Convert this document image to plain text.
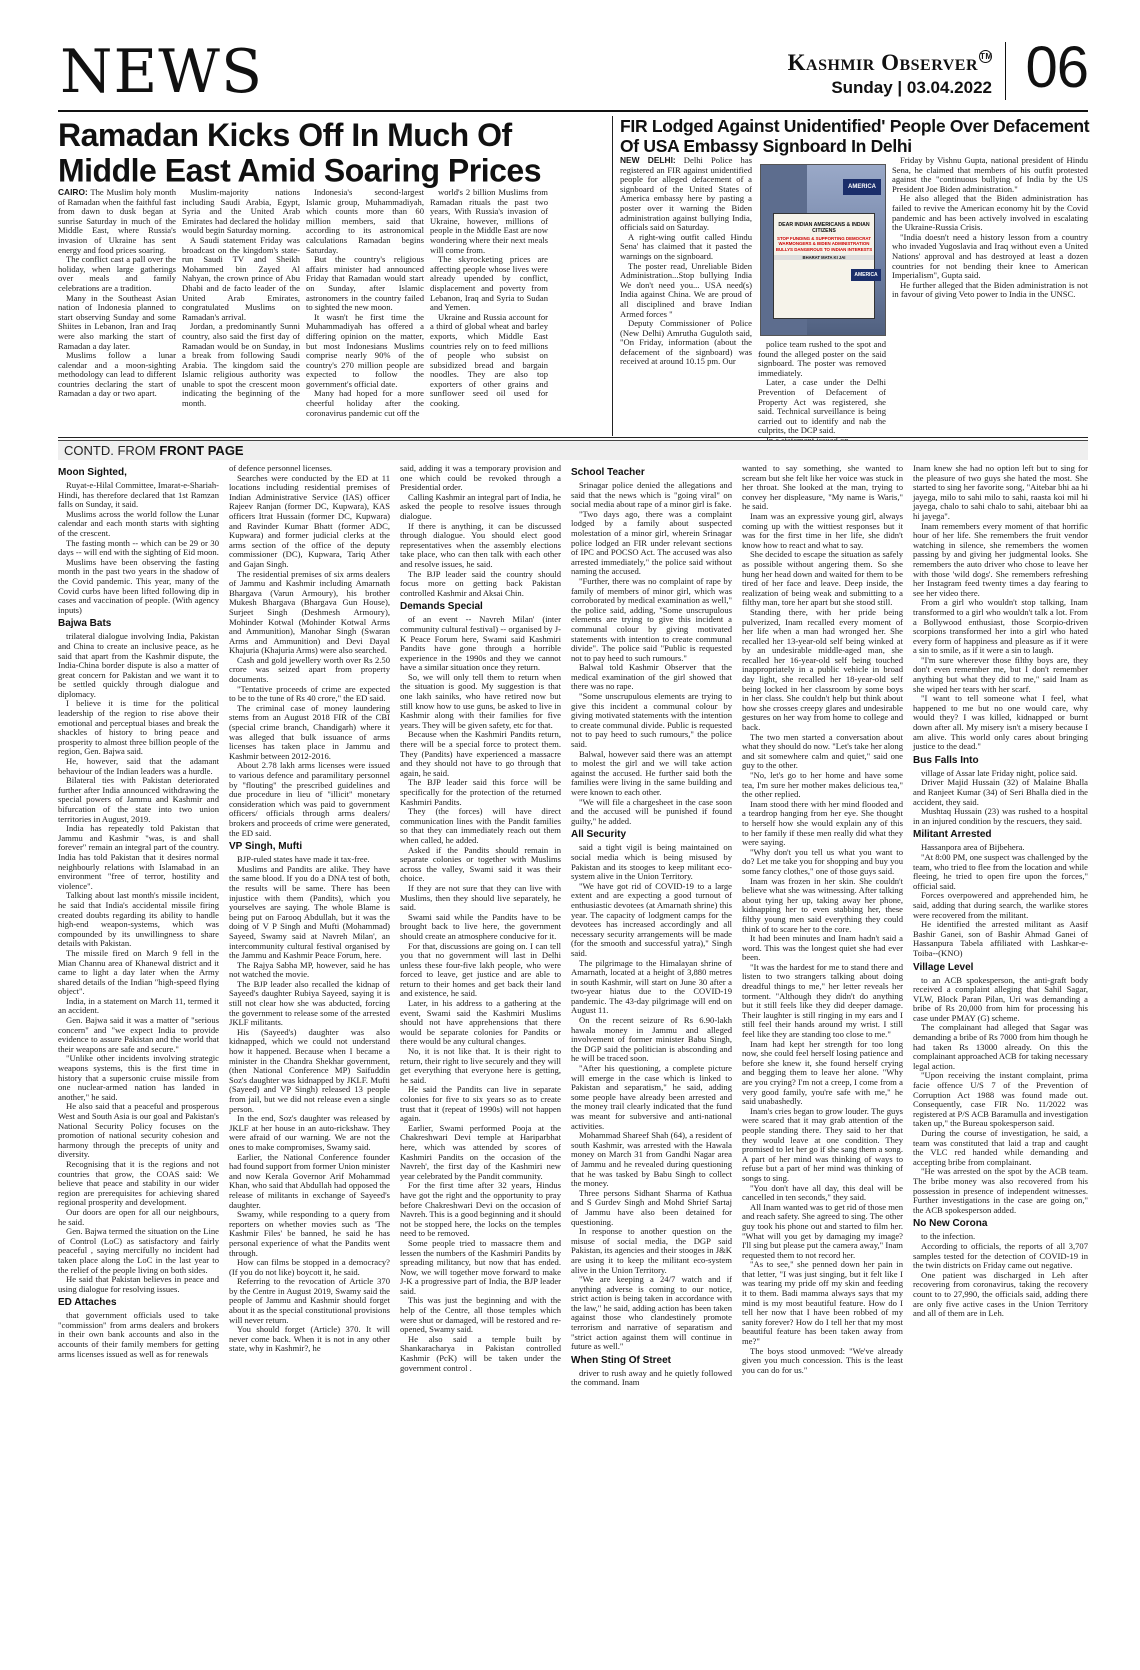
NEWS	Kashmir Observer TM
Sunday | 03.04.2022 06
Ramadan Kicks Off In Much Of Middle East Amid Soaring Prices

CAIRO: The Muslim holy month of Ramadan when the faithful fast from dawn to dusk began at sunrise Saturday in much of the Middle East, where Russia's invasion of Ukraine has sent energy and food prices soaring.

The conflict cast a pall over the holiday, when large gatherings over meals and family celebrations are a tradition.

Many in the Southeast Asian nation of Indonesia planned to start observing Sunday and some Shiites in Lebanon, Iran and Iraq were also marking the start of Ramadan a day later.

Muslims follow a lunar calendar and a moon-sighting methodology can lead to different countries declaring the start of Ramadan a day or two apart.

Muslim-majority nations including Saudi Arabia, Egypt, Syria and the United Arab Emirates had declared the holiday would begin Saturday morning.

A Saudi statement Friday was broadcast on the kingdom's state-run Saudi TV and Sheikh Mohammed bin Zayed Al Nahyan, the crown prince of Abu Dhabi and de facto leader of the United Arab Emirates, congratulated Muslims on Ramadan's arrival.

Jordan, a predominantly Sunni country, also said the first day of Ramadan would be on Sunday, in a break from following Saudi Arabia. The kingdom said the Islamic religious authority was unable to spot the crescent moon indicating the beginning of the month.

Indonesia's second-largest Islamic group, Muhammadiyah, which counts more than 60 million members, said that according to its astronomical calculations Ramadan begins Saturday.

But the country's religious affairs minister had announced Friday that Ramadan would start on Sunday, after Islamic astronomers in the country failed to sighted the new moon.

It wasn't he first time the Muhammadiyah has offered a differing opinion on the matter, but most Indonesians Muslims comprise nearly 90% of the country's 270 million people are expected to follow the government's official date.

Many had hoped for a more cheerful holiday after the coronavirus pandemic cut off the

world's 2 billion Muslims from Ramadan rituals the past two years, With Russia's invasion of Ukraine, however, millions of people in the Middle East are now wondering where their next meals will come from.

The skyrocketing prices are affecting people whose lives were already upended by conflict, displacement and poverty from Lebanon, Iraq and Syria to Sudan and Yemen.

Ukraine and Russia account for a third of global wheat and barley exports, which Middle East countries rely on to feed millions of people who subsist on subsidized bread and bargain noodles. They are also top exporters of other grains and sunflower seed oil used for cooking.

FIR Lodged Against Unidentified' People Over Defacement Of USA Embassy Signboard In Delhi

NEW DELHI: Delhi Police has registered an FIR against unidentified people for alleged defacement of a signboard of the United States of America embassy here by pasting a poster over it warning the Biden administration against bullying India, officials said on Saturday.

A right-wing outfit called Hindu Sena' has claimed that it pasted the warnings on the signboard.

The poster read, Unreliable Biden Administration...Stop bullying India We don't need you... USA need(s) India against China. We are proud of all disciplined and brave Indian Armed forces "

Deputy Commissioner of Police (New Delhi) Amrutha Guguloth said, "On Friday, information (about the defacement of the signboard) was received at around 10.15 pm. Our

AMERICA
DEAR INDIAN AMERICANS & INDIAN CITIZENS
STOP FUNDING & SUPPORTING DEMOCRAT WARMONGERS & BIDEN ADMINISTRATION BULLYS DANGEROUS TO INDIAN INTERESTS
BHARAT MATA KI JAI
AMERICA

police team rushed to the spot and found the alleged poster on the said signboard. The poster was removed immediately.

Later, a case under the Delhi Prevention of Defacement of Property Act was registered, she said. Technical surveillance is being carried out to identify and nab the culprits, the DCP said.

Friday by Vishnu Gupta, national president of Hindu Sena, he claimed that members of his outfit protested against the "continuous bullying of India by the US President Joe Biden administration."

He also alleged that the Biden administration has failed to revive the American economy hit by the Covid pandemic and has been actively involved in escalating the Ukraine-Russia Crisis.

"India doesn't need a history lesson from a country who invaded Yugoslavia and Iraq without even a United Nations' approval and has destroyed at least a dozen countries for not bending their knee to American Imperialism", Gupta said.

He further alleged that the Biden administration is not in favour of giving Veto power to India in the UNSC.

CONTD. FROM FRONT PAGE
Moon Sighted,

Ruyat-e-Hilal Committee, Imarat-e-Shariah-Hindi, has therefore declared that 1st Ramzan falls on Sunday, it said.

Muslims across the world follow the Lunar calendar and each month starts with sighting of the crescent.

The fasting month -- which can be 29 or 30 days -- will end with the sighting of Eid moon.

Muslims have been observing the fasting month in the past two years in the shadow of the Covid pandemic. This year, many of the Covid curbs have been lifted following dip in cases and vaccination of people. (With agency inputs)

Bajwa Bats

trilateral dialogue involving India, Pakistan and China to create an inclusive peace, as he said that apart from the Kashmir dispute, the India-China border dispute is also a matter of great concern for Pakistan and we want it to be settled quickly through dialogue and diplomacy.

I believe it is time for the political leadership of the region to rise above their emotional and perceptual biases and break the shackles of history to bring peace and prosperity to almost three billion people of the region, Gen. Bajwa said.

He, however, said that the adamant behaviour of the Indian leaders was a hurdle.

Bilateral ties with Pakistan deteriorated further after India announced withdrawing the special powers of Jammu and Kashmir and bifurcation of the state into two union territories in August, 2019.

India has repeatedly told Pakistan that Jammu and Kashmir "was, is and shall forever" remain an integral part of the country. India has told Pakistan that it desires normal neighbourly relations with Islamabad in an environment "free of terror, hostility and violence".

Talking about last month's missile incident, he said that India's accidental missile firing created doubts regarding its ability to handle high-end weapon-systems, which was compounded by its unwillingness to share details with Pakistan.

The missile fired on March 9 fell in the Mian Channu area of Khanewal district and it came to light a day later when the Army shared details of the Indian "high-speed flying object".

India, in a statement on March 11, termed it an accident.

Gen. Bajwa said it was a matter of "serious concern" and "we expect India to provide evidence to assure Pakistan and the world that their weapons are safe and secure."

"Unlike other incidents involving strategic weapons systems, this is the first time in history that a supersonic cruise missile from one nuclear-armed nation has landed in another," he said.

He also said that a peaceful and prosperous West and South Asia is our goal and Pakistan's National Security Policy focuses on the promotion of national security cohesion and harmony through the precepts of unity and diversity.

Recognising that it is the regions and not countries that grow, the COAS said: We believe that peace and stability in our wider region are prerequisites for achieving shared regional prosperity and development.

Our doors are open for all our neighbours, he said.

Gen. Bajwa termed the situation on the Line of Control (LoC) as satisfactory and fairly peaceful , saying mercifully no incident had taken place along the LoC in the last year to the relief of the people living on both sides.

He said that Pakistan believes in peace and using dialogue for resolving issues.

ED Attaches

that government officials used to take "commission" from arms dealers and brokers in their own bank accounts and also in the accounts of their family members for getting arms licenses issued as well as for renewals

of defence personnel licenses.

Searches were conducted by the ED at 11 locations including residential premises of Indian Administrative Service (IAS) officer Rajeev Ranjan (former DC, Kupwara), KAS officers Itrat Hussain (former DC, Kupwara) and Ravinder Kumar Bhatt (former ADC, Kupwara) and former judicial clerks at the arms section of the office of the deputy commissioner (DC), Kupwara, Tariq Ather and Gajan Singh.

The residential premises of six arms dealers of Jammu and Kashmir including Amarnath Bhargava (Varun Armoury), his brother Mukesh Bhargava (Bhargava Gun House), Surjeet Singh (Deshmesh Armoury), Mohinder Kotwal (Mohinder Kotwal Arms and Ammunition), Manohar Singh (Swaran Arms and Ammunition) and Devi Dayal Khajuria (Khajuria Arms) were also searched.

Cash and gold jewellery worth over Rs 2.50 crore was seized apart from property documents.

"Tentative proceeds of crime are expected to be to the tune of Rs 40 crore," the ED said.

The criminal case of money laundering stems from an August 2018 FIR of the CBI (special crime branch, Chandigarh) where it was alleged that bulk issuance of arms licenses has taken place in Jammu and Kashmir between 2012-2016.

About 2.78 lakh arms licenses were issued to various defence and paramilitary personnel by "flouting" the prescribed guidelines and due procedure in lieu of "illicit" monetary consideration which was paid to government officers/ officials through arms dealers/ brokers and proceeds of crime were generated, the ED said.

VP Singh, Mufti

BJP-ruled states have made it tax-free.

Muslims and Pandits are alike. They have the same blood. If you do a DNA test of both, the results will be same. There has been injustice with them (Pandits), which you yourselves are saying. The whole Blame is being put on Farooq Abdullah, but it was the doing of V P Singh and Mufti (Mohammad) Sayeed, Swamy said at Navreh Milan', an intercommunity cultural festival organised by the Jammu and Kashmir Peace Forum, here.

The Rajya Sabha MP, however, said he has not watched the movie.

The BJP leader also recalled the kidnap of Sayeed's daughter Rubiya Sayeed, saying it is still not clear how she was abducted, forcing the government to release some of the arrested JKLF militants.

His (Sayeed's) daughter was also kidnapped, which we could not understand how it happened. Because when I became a minister in the Chandra Shekhar government, (then National Conference MP) Saifuddin Soz's daughter was kidnapped by JKLF. Mufti (Sayeed) and VP Singh) released 13 people from jail, but we did not release even a single person.

In the end, Soz's daughter was released by JKLF at her house in an auto-rickshaw. They were afraid of our warning. We are not the ones to make compromises, Swamy said.

Earlier, the National Conference founder had found support from former Union minister and now Kerala Governor Arif Mohammad Khan, who said that Abdullah had opposed the release of militants in exchange of Sayeed's daughter.

Swamy, while responding to a query from reporters on whether movies such as 'The Kashmir Files' be banned, he said he has personal experience of what the Pandits went through.

How can films be stopped in a democracy? (If you do not like) boycott it, he said.

Referring to the revocation of Article 370 by the Centre in August 2019, Swamy said the people of Jammu and Kashmir should forget about it as the special constitutional provisions will never return.

You should forget (Article) 370. It will never come back. When it is not in any other state, why in Kashmir?, he

said, adding it was a temporary provision and one which could be revoked through a Presidential order.

Calling Kashmir an integral part of India, he asked the people to resolve issues through dialogue.

If there is anything, it can be discussed through dialogue. You should elect good representatives when the assembly elections take place, who can then talk with each other and resolve issues, he said.

The BJP leader said the country should focus more on getting back Pakistan controlled Kashmir and Aksai Chin.

Demands Special

of an event -- Navreh Milan' (inter community cultural festival) -- organised by J-K Peace Forum here, Swami said Kashmiri Pandits have gone through a horrible experience in the 1990s and they we cannot have a similar situation once they return.

So, we will only tell them to return when the situation is good. My suggestion is that one lakh sainiks, who have retired now but still know how to use guns, be asked to live in Kashmir along with their families for five years. They will be given safety, etc for that.

Because when the Kashmiri Pandits return, there will be a special force to protect them. They (Pandits) have experienced a massacre and they should not have to go through that again, he said.

The BJP leader said this force will be specifically for the protection of the returned Kashmiri Pandits.

They (the forces) will have direct communication lines with the Pandit families so that they can immediately reach out them when called, he added.

Asked if the Pandits should remain in separate colonies or together with Muslims across the valley, Swami said it was their choice.

If they are not sure that they can live with Muslims, then they should live separately, he said.

Swami said while the Pandits have to be brought back to live here, the government should create an atmosphere conducive for it.

For that, discussions are going on. I can tell you that no government will last in Delhi unless these four-five lakh people, who were forced to leave, get justice and are able to return to their homes and get back their land and existence, he said.

Later, in his address to a gathering at the event, Swami said the Kashmiri Muslims should not have apprehensions that there would be separate colonies for Pandits or there would be any cultural changes.

No, it is not like that. It is their right to return, their right to live securely and they will get everything that everyone here is getting, he said.

He said the Pandits can live in separate colonies for five to six years so as to create trust that it (repeat of 1990s) will not happen again.

Earlier, Swami performed Pooja at the Chakreshwari Devi temple at Hariparbhat here, which was attended by scores of Kashmiri Pandits on the occasion of the Navreh', the first day of the Kashmiri new year celebrated by the Pandit community.

For the first time after 32 years, Hindus have got the right and the opportunity to pray before Chakreshwari Devi on the occasion of Navreh. This is a good beginning and it should not be stopped here, the locks on the temples need to be removed.

Some people tried to massacre them and lessen the numbers of the Kashmiri Pandits by spreading militancy, but now that has ended. Now, we will together move forward to make J-K a progressive part of India, the BJP leader said.

This was just the beginning and with the help of the Centre, all those temples which were shut or damaged, will be restored and re-opened, Swamy said.

He also said a temple built by Shankaracharya in Pakistan controlled Kashmir (PcK) will be taken under the government control .

School Teacher

Srinagar police denied the allegations and said that the news which is "going viral" on social media about rape of a minor girl is fake.

"Two days ago, there was a complaint lodged by a family about suspected molestation of a minor girl, wherein Srinagar police lodged an FIR under relevant sections of IPC and POCSO Act. The accused was also arrested immediately," the police said without naming the accused.

"Further, there was no complaint of rape by family of members of minor girl, which was corroborated by medical examination as well," the police said, adding, "Some unscrupulous elements are trying to give this incident a communal colour by giving motivated statements with intention to create communal divide". The police said "Public is requested not to pay heed to such rumours."

Balwal told Kashmir Observer that the medical examination of the girl showed that there was no rape.

"Some unscrupulous elements are trying to give this incident a communal colour by giving motivated statements with the intention to create communal divide. Public is requested not to pay heed to such rumours," the police said.

Balwal, however said there was an attempt to molest the girl and we will take action against the accused. He further said both the families were living in the same building and were known to each other.

"We will file a chargesheet in the case soon and the accused will be punished if found guilty," he added.

All Security

said a tight vigil is being maintained on social media which is being misused by Pakistan and its stooges to keep militant eco-system alive in the Union Territory.

"We have got rid of COVID-19 to a large extent and are expecting a good turnout of enthusiastic devotees (at Amarnath shrine) this year. The capacity of lodgment camps for the devotees has increased accordingly and all necessary security arrangements will be made (for the smooth and successful yatra)," Singh said.

The pilgrimage to the Himalayan shrine of Amarnath, located at a height of 3,880 metres in south Kashmir, will start on June 30 after a two-year hiatus due to the COVID-19 pandemic. The 43-day pilgrimage will end on August 11.

On the recent seizure of Rs 6.90-lakh hawala money in Jammu and alleged involvement of former minister Babu Singh, the DGP said the politician is absconding and he will be traced soon.

"After his questioning, a complete picture will emerge in the case which is linked to Pakistan and separatism," he said, adding some people have already been arrested and the money trail clearly indicated that the fund was meant for subversive and anti-national activities.

Mohammad Shareef Shah (64), a resident of south Kashmir, was arrested with the Hawala money on March 31 from Gandhi Nagar area of Jammu and he revealed during questioning that he was tasked by Babu Singh to collect the money.

Three persons Sidhant Sharma of Kathua and S Gurdev Singh and Mohd Shrief Sartaj of Jammu have also been detained for questioning.

In response to another question on the misuse of social media, the DGP said Pakistan, its agencies and their stooges in J&K are using it to keep the militant eco-system alive in the Union Territory.

"We are keeping a 24/7 watch and if anything adverse is coming to our notice, strict action is being taken in accordance with the law," he said, adding action has been taken against those who clandestinely promote terrorism and narrative of separatism and "strict action against them will continue in future as well."

When Sting Of Street

driver to rush away and he quietly followed the command. Inam

wanted to say something, she wanted to scream but she felt like her voice was stuck in her throat. She looked at the man, trying to convey her displeasure, "My name is Waris," he said.

Inam was an expressive young girl, always coming up with the wittiest responses but it was for the first time in her life, she didn't know how to react and what to say.

She decided to escape the situation as safely as possible without angering them. So she hung her head down and waited for them to be tired of her face and leave. Deep inside, the realization of being weak and submitting to a filthy man, tore her apart but she stood still.

Standing there, with her pride being pulverized, Inam recalled every moment of her life when a man had wronged her. She recalled her 13-year-old self being winked at by an undesirable middle-aged man, she recalled her 16-year-old self being touched inappropriately in a public vehicle in broad day light, she recalled her 18-year-old self being locked in her classroom by some boys in her class. She couldn't help but think about how she crosses creepy glares and undesirable gestures on her way from home to college and back.

The two men started a conversation about what they should do now. "Let's take her along and sit somewhere calm and quiet," said one guy to the other.

"No, let's go to her home and have some tea, I'm sure her mother makes delicious tea," the other replied.

Inam stood there with her mind flooded and a teardrop hanging from her eye. She thought to herself how she would explain any of this to her family if these men really did what they were saying.

"Why don't you tell us what you want to do? Let me take you for shopping and buy you some fancy clothes," one of those guys said.

Inam was frozen in her skin. She couldn't believe what she was witnessing. After talking about tying her up, taking away her phone, kidnapping her to even stabbing her, these filthy young men said everything they could think of to scare her to the core.

It had been minutes and Inam hadn't said a word. This was the longest quiet she had ever been.

"It was the hardest for me to stand there and listen to two strangers talking about doing dreadful things to me," her letter reveals her torment. "Although they didn't do anything but it still feels like they did deeper damage. Their laughter is still ringing in my ears and I still feel their hands around my wrist. I still feel like they are standing too close to me."

Inam had kept her strength for too long now, she could feel herself losing patience and before she knew it, she found herself crying and begging them to leave her alone. "Why are you crying? I'm not a creep, I come from a very good family, you're safe with me," he said unabashedly.

Inam's cries began to grow louder. The guys were scared that it may grab attention of the people standing there. They said to her that they would leave at one condition. They promised to let her go if she sang them a song. A part of her mind was thinking of ways to refuse but a part of her mind was thinking of songs to sing.

"You don't have all day, this deal will be cancelled in ten seconds," they said.

All Inam wanted was to get rid of those men and reach safety. She agreed to sing. The other guy took his phone out and started to film her. "What will you get by damaging my image? I'll sing but please put the camera away," Inam requested them to not record her.

"As to see," she penned down her pain in that letter, "I was just singing, but it felt like I was tearing my pride off my skin and feeding it to them. Badi mamma always says that my mind is my most beautiful feature. How do I tell her now that I have been robbed of my sanity forever? How do I tell her that my most beautiful feature has been taken away from me?"

The boys stood unmoved: "We've already given you much concession. This is the least you can do for us."

Inam knew she had no option left but to sing for the pleasure of two guys she hated the most. She started to sing her favorite song, "Aitebar bhi aa hi jayega, milo to sahi milo to sahi, raasta koi mil hi jayega, chalo to sahi chalo to sahi, aitebaar bhi aa hi jayega".

Inam remembers every moment of that horrific hour of her life. She remembers the fruit vendor watching in silence, she remembers the women passing by and giving her judgmental looks. She remembers the auto driver who chose to leave her with those 'wild dogs'. She remembers refreshing her Instagram feed twenty times a day fearing to see her video there.

From a girl who wouldn't stop talking, Inam transformed to a girl who wouldn't talk a lot. From a Bollywood enthusiast, those Scorpio-driven scorpions transformed her into a girl who hated every form of happiness and pleasure as if it were a sin to smile, as if it were a sin to laugh.

"I'm sure wherever those filthy boys are, they don't even remember me, but I don't remember anything but what they did to me," said Inam as she wiped her tears with her scarf.

"I want to tell someone what I feel, what happened to me but no one would care, why would they? I was killed, kidnapped or burnt down after all. My misery isn't a misery because I am alive. This world only cares about bringing justice to the dead."

Bus Falls Into

village of Assar late Friday night, police said.

Driver Majid Hussain (32) of Malaine Bhalla and Ranjeet Kumar (34) of Seri Bhalla died in the accident, they said.

Mushtaq Hussain (23) was rushed to a hospital in an injured condition by the rescuers, they said.

Militant Arrested

Hassanpora area of Bijbehera.

"At 8:00 PM, one suspect was challenged by the team, who tried to flee from the location and while fleeing, he tried to open fire upon the forces," official said.

Forces overpowered and apprehended him, he said, adding that during search, the warlike stores were recovered from the militant.

He identified the arrested militant as Aasif Bashir Ganei, son of Bashir Ahmad Ganei of Hassanpura Tabela affiliated with Lashkar-e-Toiba--(KNO)

Village Level

to an ACB spokesperson, the anti-graft body received a complaint alleging that Sahil Sagar, VLW, Block Paran Pilan, Uri was demanding a bribe of Rs 20,000 from him for processing his case under PMAY (G) scheme.

The complainant had alleged that Sagar was demanding a bribe of Rs 7000 from him though he had taken Rs 13000 already. On this the complainant approached ACB for taking necessary legal action.

"Upon receiving the instant complaint, prima facie offence U/S 7 of the Prevention of Corruption Act 1988 was found made out. Consequently, case FIR No. 11/2022 was registered at P/S ACB Baramulla and investigation taken up," the Bureau spokesperson said.

During the course of investigation, he said, a team was constituted that laid a trap and caught the VLC red handed while demanding and accepting bribe from complainant.

"He was arrested on the spot by the ACB team. The bribe money was also recovered from his possession in presence of independent witnesses. Further investigations in the case are going on," the ACB spokesperson added.

No New Corona

to the infection.

According to officials, the reports of all 3,707 samples tested for the detection of COVID-19 in the twin districts on Friday came out negative.

One patient was discharged in Leh after recovering from coronavirus, taking the recovery count to to 27,990, the officials said, adding there are only five active cases in the Union Territory and all of them are in Leh.
